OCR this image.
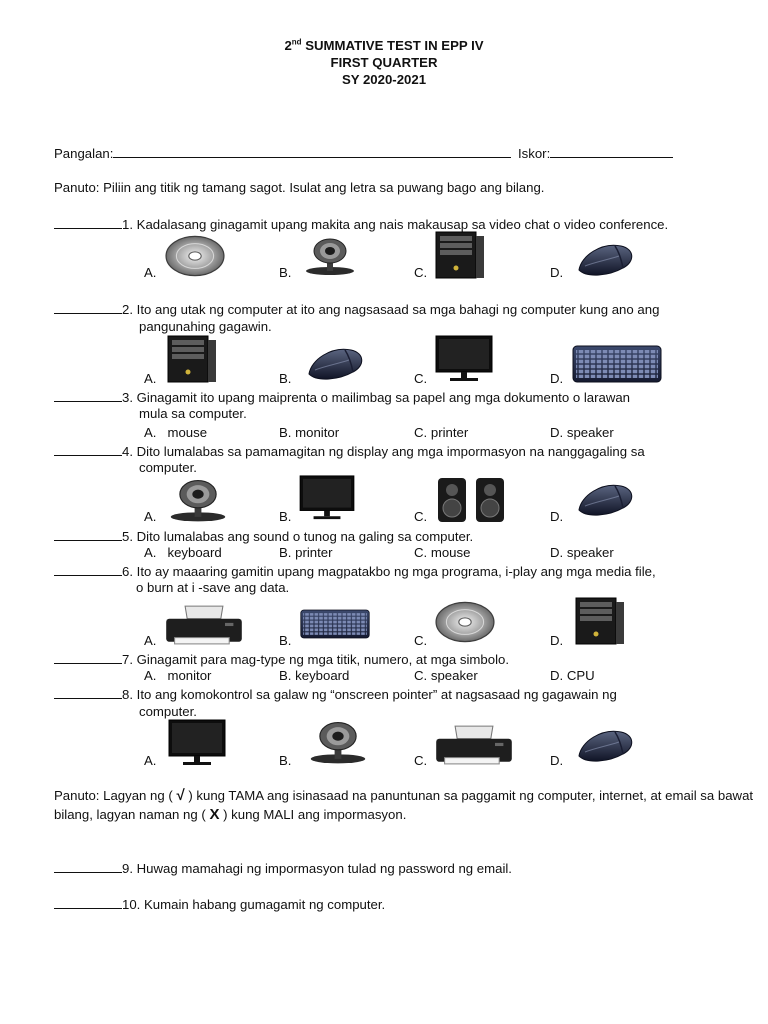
2nd SUMMATIVE TEST IN EPP IV
FIRST QUARTER
SY 2020-2021
Pangalan:	Iskor:
Panuto: Piliin ang titik ng tamang sagot. Isulat ang letra sa puwang bago ang bilang.
1. Kadalasang ginagamit upang makita ang nais makausap sa video chat o video conference.
A.	B.	C.	D.
2. Ito ang utak ng computer at ito ang nagsasaad sa mga bahagi ng computer kung ano ang
pangunahing gagawin.
A.	B.	C.	D.
3. Ginagamit ito upang maiprenta o mailimbag sa papel ang mga dokumento o larawan
mula sa computer.
A. mouse	B. monitor	C. printer	D. speaker
4. Dito lumalabas sa pamamagitan ng display ang mga impormasyon na nanggagaling sa
computer.
A.	B.	C.	D.
5. Dito lumalabas ang sound o tunog na galing sa computer.
A. keyboard	B. printer	C. mouse	D. speaker
6. Ito ay maaaring gamitin upang magpatakbo ng mga programa, i-play ang mga media file,
o burn at i -save ang data.
A.	B.	C.	D.
7. Ginagamit para mag-type ng mga titik, numero, at mga simbolo.
A. monitor	B. keyboard	C. speaker	D. CPU
8. Ito ang komokontrol sa galaw ng “onscreen pointer” at nagsasaad ng gagawain ng
computer.
A.	B.	C.	D.
Panuto: Lagyan ng ( √ ) kung TAMA ang isinasaad na panuntunan sa paggamit ng computer, internet, at email sa bawat
bilang, lagyan naman ng ( X ) kung MALI ang impormasyon.
9. Huwag mamahagi ng impormasyon tulad ng password ng email.
10. Kumain habang gumagamit ng computer.
